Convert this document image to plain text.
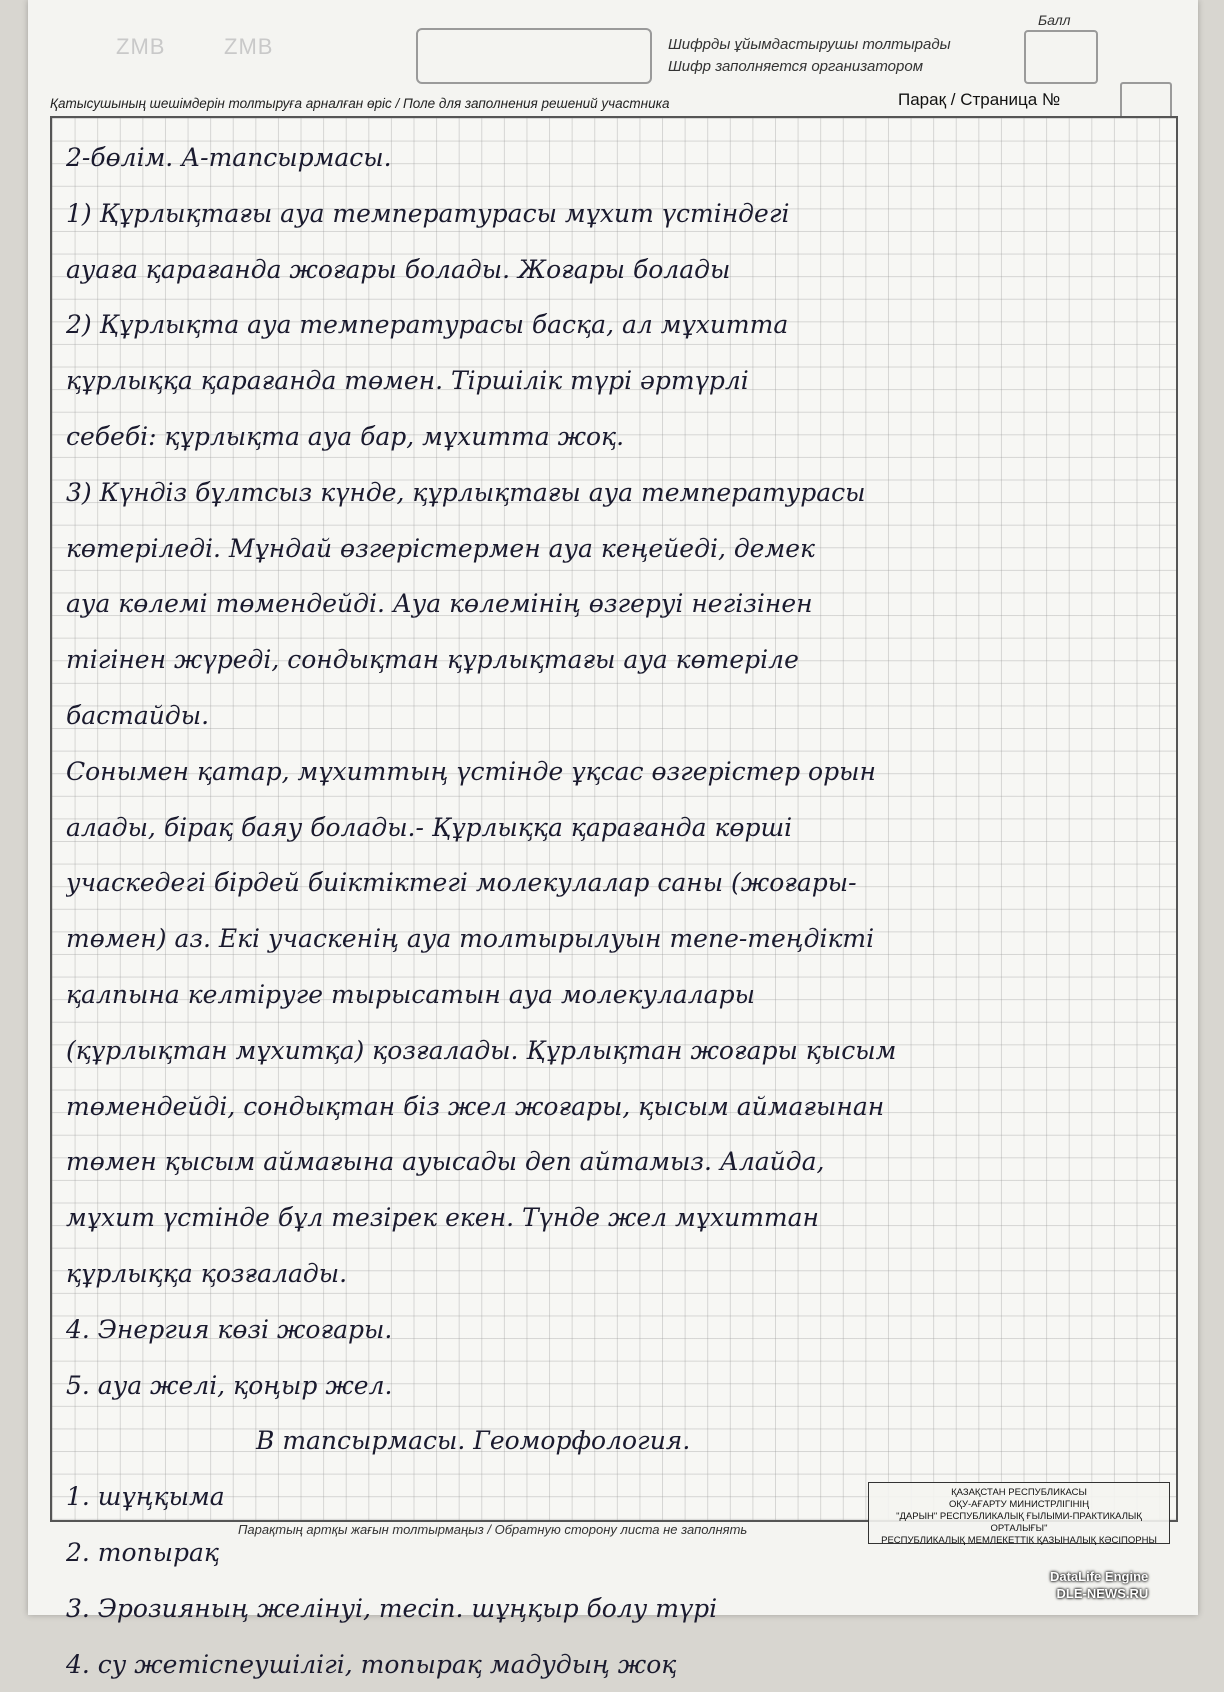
ZMB	ZMB	Шифрды ұйымдастырушы толтырады
Шифр заполняется организатором
Балл
Қатысушының шешімдерін толтыруға арналған өріс / Поле для заполнения решений участника	Парақ / Страница №
2-бөлім. А-тапсырмасы.
1) Құрлықтағы ауа температурасы мұхит үстіндегі
ауаға қарағанда жоғары болады. Жоғары болады
2) Құрлықта ауа температурасы басқа, ал мұхитта
құрлыққа қарағанда төмен. Тіршілік түрі әртүрлі
себебі: құрлықта ауа бар, мұхитта жоқ.
3) Күндіз бұлтсыз күнде, құрлықтағы ауа температурасы
көтеріледі. Мұндай өзгерістермен ауа кеңейеді, демек
ауа көлемі төмендейді. Ауа көлемінің өзгеруі негізінен
тігінен жүреді, сондықтан құрлықтағы ауа көтеріле
бастайды.
Сонымен қатар, мұхиттың үстінде ұқсас өзгерістер орын
алады, бірақ баяу болады.- Құрлыққа қарағанда көрші
учаскедегі бірдей биіктіктегі молекулалар саны (жоғары-
төмен) аз. Екі учаскенің ауа толтырылуын тепе-теңдікті
қалпына келтіруге тырысатын ауа молекулалары
(құрлықтан мұхитқа) қозғалады. Құрлықтан жоғары қысым
төмендейді, сондықтан біз жел жоғары, қысым аймағынан
төмен қысым аймағына ауысады деп айтамыз. Алайда,
мұхит үстінде бұл тезірек екен. Түнде жел мұхиттан
құрлыққа қозғалады.
4. Энергия көзі жоғары.
5. ауа желі, қоңыр жел.
В тапсырмасы. Геоморфология.
1. шұңқыма
2. топырақ
3. Эрозияның желінуі, тесіп. шұңқыр болу түрі
4. су жетіспеушілігі, топырақ мадудың жоқ
Парақтың артқы жағын толтырмаңыз / Обратную сторону листа не заполнять
ҚАЗАҚСТАН РЕСПУБЛИКАСЫ
ОҚУ-АҒАРТУ МИНИСТРЛІГІНІҢ
"ДАРЫН" РЕСПУБЛИКАЛЫҚ ҒЫЛЫМИ-ПРАКТИКАЛЫҚ ОРТАЛЫҒЫ"
РЕСПУБЛИКАЛЫҚ МЕМЛЕКЕТТІК ҚАЗЫНАЛЫҚ КӘСІПОРНЫ
DataLife Engine
DLE-NEWS.RU
